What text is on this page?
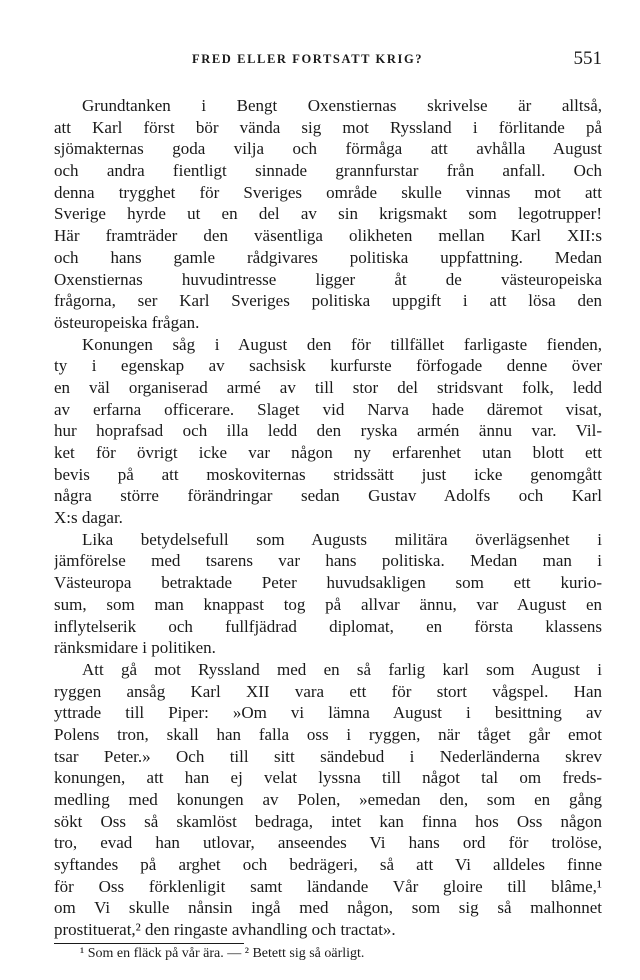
FRED ELLER FORTSATT KRIG?	551
Grundtanken i Bengt Oxenstiernas skrivelse är alltså,
att Karl först bör vända sig mot Ryssland i förlitande på
sjömakternas goda vilja och förmåga att avhålla August
och andra fientligt sinnade grannfurstar från anfall. Och
denna trygghet för Sveriges område skulle vinnas mot att
Sverige hyrde ut en del av sin krigsmakt som legotrupper!
Här framträder den väsentliga olikheten mellan Karl XII:s
och hans gamle rådgivares politiska uppfattning. Medan
Oxenstiernas huvudintresse ligger åt de västeuropeiska
frågorna, ser Karl Sveriges politiska uppgift i att lösa den
östeuropeiska frågan.
Konungen såg i August den för tillfället farligaste fienden,
ty i egenskap av sachsisk kurfurste förfogade denne över
en väl organiserad armé av till stor del stridsvant folk, ledd
av erfarna officerare. Slaget vid Narva hade däremot visat,
hur hoprafsad och illa ledd den ryska armén ännu var. Vil-
ket för övrigt icke var någon ny erfarenhet utan blott ett
bevis på att moskoviternas stridssätt just icke genomgått
några större förändringar sedan Gustav Adolfs och Karl
X:s dagar.
Lika betydelsefull som Augusts militära överlägsenhet i
jämförelse med tsarens var hans politiska. Medan man i
Västeuropa betraktade Peter huvudsakligen som ett kurio-
sum, som man knappast tog på allvar ännu, var August en
inflytelserik och fullfjädrad diplomat, en första klassens
ränksmidare i politiken.
Att gå mot Ryssland med en så farlig karl som August i
ryggen ansåg Karl XII vara ett för stort vågspel. Han
yttrade till Piper: »Om vi lämna August i besittning av
Polens tron, skall han falla oss i ryggen, när tåget går emot
tsar Peter.» Och till sitt sändebud i Nederländerna skrev
konungen, att han ej velat lyssna till något tal om freds-
medling med konungen av Polen, »emedan den, som en gång
sökt Oss så skamlöst bedraga, intet kan finna hos Oss någon
tro, evad han utlovar, anseendes Vi hans ord för trolöse,
syftandes på arghet och bedrägeri, så att Vi alldeles finne
för Oss förklenligit samt ländande Vår gloire till blâme,¹
om Vi skulle nånsin ingå med någon, som sig så malhonnet
prostituerat,² den ringaste avhandling och tractat».
¹ Som en fläck på vår ära. — ² Betett sig så oärligt.
